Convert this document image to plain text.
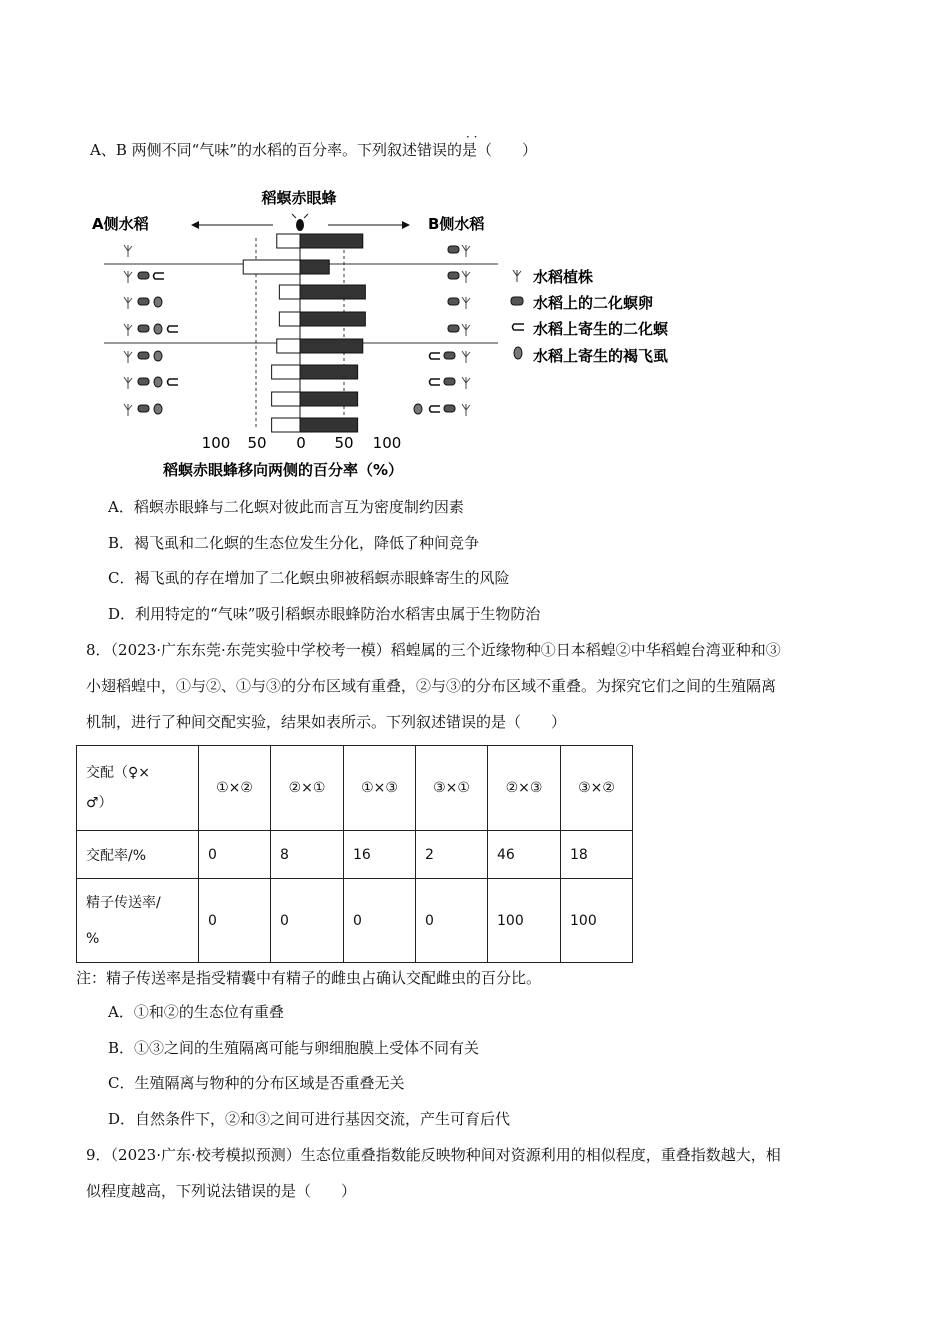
· ·
A、B 两侧不同“气味”的水稻的百分率。下列叙述错误的是（　　）
稻螟赤眼蜂
A侧水稻	B侧水稻
100 50 0 50 100
稻螟赤眼蜂移向两侧的百分率（%）
水稻植株
水稻上的二化螟卵
水稻上寄生的二化螟
水稻上寄生的褐飞虱
A．稻螟赤眼蜂与二化螟对彼此而言互为密度制约因素
B．褐飞虱和二化螟的生态位发生分化，降低了种间竞争
C．褐飞虱的存在增加了二化螟虫卵被稻螟赤眼蜂寄生的风险
D．利用特定的“气味”吸引稻螟赤眼蜂防治水稻害虫属于生物防治
8．（2023·广东东莞·东莞实验中学校考一模）稻蝗属的三个近缘物种①日本稻蝗②中华稻蝗台湾亚种和③
小翅稻蝗中，①与②、①与③的分布区域有重叠，②与③的分布区域不重叠。为探究它们之间的生殖隔离
机制，进行了种间交配实验，结果如表所示。下列叙述错误的是（　　）
交配（♀×
♂）	①×②	②×①	①×③	③×①	②×③	③×②
交配率/%	0	8	16	2	46	18
精子传送率/
%	0	0	0	0	100	100
注：精子传送率是指受精囊中有精子的雌虫占确认交配雌虫的百分比。
A．①和②的生态位有重叠
B．①③之间的生殖隔离可能与卵细胞膜上受体不同有关
C．生殖隔离与物种的分布区域是否重叠无关
D．自然条件下，②和③之间可进行基因交流，产生可育后代
9．（2023·广东·校考模拟预测）生态位重叠指数能反映物种间对资源利用的相似程度，重叠指数越大，相
似程度越高，下列说法错误的是（　　）
